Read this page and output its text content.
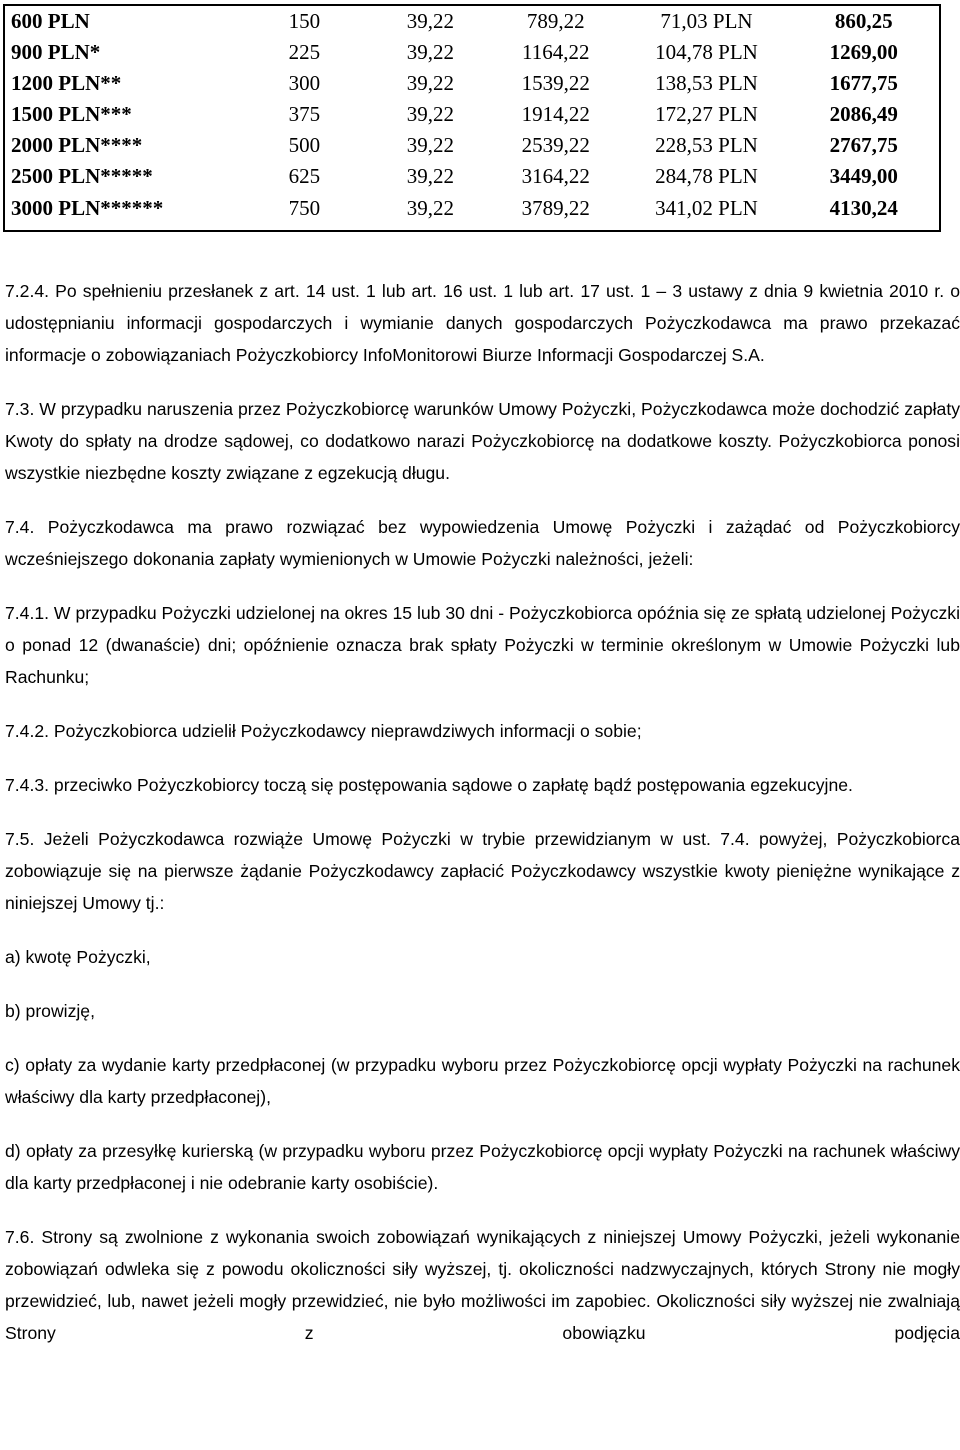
600 PLN	150	39,22	789,22	71,03 PLN	860,25
900 PLN*	225	39,22	1164,22	104,78 PLN	1269,00
1200 PLN**	300	39,22	1539,22	138,53 PLN	1677,75
1500 PLN***	375	39,22	1914,22	172,27 PLN	2086,49
2000 PLN****	500	39,22	2539,22	228,53 PLN	2767,75
2500 PLN*****	625	39,22	3164,22	284,78 PLN	3449,00
3000 PLN******	750	39,22	3789,22	341,02 PLN	4130,24

7.2.4. Po spełnieniu przesłanek z art. 14 ust. 1 lub art. 16 ust. 1 lub art. 17 ust. 1 – 3 ustawy z dnia 9 kwietnia 2010 r. o udostępnianiu informacji gospodarczych i wymianie danych gospodarczych Pożyczkodawca ma prawo przekazać informacje o zobowiązaniach Pożyczkobiorcy InfoMonitorowi Biurze Informacji Gospodarczej S.A.

7.3. W przypadku naruszenia przez Pożyczkobiorcę warunków Umowy Pożyczki, Pożyczkodawca może dochodzić zapłaty Kwoty do spłaty na drodze sądowej, co dodatkowo narazi Pożyczkobiorcę na dodatkowe koszty. Pożyczkobiorca ponosi wszystkie niezbędne koszty związane z egzekucją długu.

7.4. Pożyczkodawca ma prawo rozwiązać bez wypowiedzenia Umowę Pożyczki i zażądać od Pożyczkobiorcy wcześniejszego dokonania zapłaty wymienionych w Umowie Pożyczki należności, jeżeli:

7.4.1. W przypadku Pożyczki udzielonej na okres 15 lub 30 dni - Pożyczkobiorca opóźnia się ze spłatą udzielonej Pożyczki o ponad 12 (dwanaście) dni; opóźnienie oznacza brak spłaty Pożyczki w terminie określonym w Umowie Pożyczki lub Rachunku;

7.4.2. Pożyczkobiorca udzielił Pożyczkodawcy nieprawdziwych informacji o sobie;

7.4.3. przeciwko Pożyczkobiorcy toczą się postępowania sądowe o zapłatę bądź postępowania egzekucyjne.

7.5. Jeżeli Pożyczkodawca rozwiąże Umowę Pożyczki w trybie przewidzianym w ust. 7.4. powyżej, Pożyczkobiorca zobowiązuje się na pierwsze żądanie Pożyczkodawcy zapłacić Pożyczkodawcy wszystkie kwoty pieniężne wynikające z niniejszej Umowy tj.:

a) kwotę Pożyczki,

b) prowizję,

c) opłaty za wydanie karty przedpłaconej (w przypadku wyboru przez Pożyczkobiorcę opcji wypłaty Pożyczki na rachunek właściwy dla karty przedpłaconej),

d) opłaty za przesyłkę kurierską (w przypadku wyboru przez Pożyczkobiorcę opcji wypłaty Pożyczki na rachunek właściwy dla karty przedpłaconej i nie odebranie karty osobiście).

7.6. Strony są zwolnione z wykonania swoich zobowiązań wynikających z niniejszej Umowy Pożyczki, jeżeli wykonanie zobowiązań odwleka się z powodu okoliczności siły wyższej, tj. okoliczności nadzwyczajnych, których Strony nie mogły przewidzieć, lub, nawet jeżeli mogły przewidzieć, nie było możliwości im zapobiec. Okoliczności siły wyższej nie zwalniają Strony z obowiązku podjęcia
